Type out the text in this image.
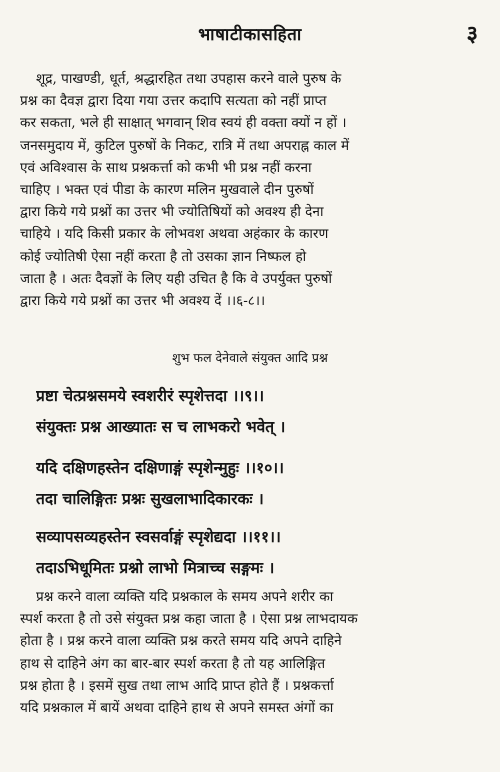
भाषाटीकासहिता	३
शूद्र, पाखण्डी, धूर्त, श्रद्धारहित तथा उपहास करने वाले पुरुष के
प्रश्न का दैवज्ञ द्वारा दिया गया उत्तर कदापि सत्यता को नहीं प्राप्त
कर सकता, भले ही साक्षात् भगवान् शिव स्वयं ही वक्ता क्यों न हों ।
जनसमुदाय में, कुटिल पुरुषों के निकट, रात्रि में तथा अपराह्न काल में
एवं अविश्वास के साथ प्रश्नकर्त्ता को कभी भी प्रश्न नहीं करना
चाहिए । भक्त एवं पीडा के कारण मलिन मुखवाले दीन पुरुषों
द्वारा किये गये प्रश्नों का उत्तर भी ज्योतिषियों को अवश्य ही देना
चाहिये । यदि किसी प्रकार के लोभवश अथवा अहंकार के कारण
कोई ज्योतिषी ऐसा नहीं करता है तो उसका ज्ञान निष्फल हो
जाता है । अतः दैवज्ञों के लिए यही उचित है कि वे उपर्युक्त पुरुषों
द्वारा किये गये प्रश्नों का उत्तर भी अवश्य दें ।।६-८।।
शुभ फल देनेवाले संयुक्त आदि प्रश्न
प्रष्टा चेत्प्रश्नसमये स्वशरीरं स्पृशेत्तदा ।।९।।
संयुक्तः प्रश्न आख्यातः स च लाभकरो भवेत् ।
यदि दक्षिणहस्तेन दक्षिणाङ्गं स्पृशेन्मुहुः ।।१०।।
तदा चालिङ्गितः प्रश्नः सुखलाभादिकारकः ।
सव्यापसव्यहस्तेन स्वसर्वाङ्गं स्पृशेद्यदा ।।११।।
तदाऽभिधूमितः प्रश्नो लाभो मित्राच्च सङ्गमः ।
प्रश्न करने वाला व्यक्ति यदि प्रश्नकाल के समय अपने शरीर का
स्पर्श करता है तो उसे संयुक्त प्रश्न कहा जाता है । ऐसा प्रश्न लाभदायक
होता है । प्रश्न करने वाला व्यक्ति प्रश्न करते समय यदि अपने दाहिने
हाथ से दाहिने अंग का बार-बार स्पर्श करता है तो यह आलिङ्गित
प्रश्न होता है । इसमें सुख तथा लाभ आदि प्राप्त होते हैं । प्रश्नकर्त्ता
यदि प्रश्नकाल में बायें अथवा दाहिने हाथ से अपने समस्त अंगों का
